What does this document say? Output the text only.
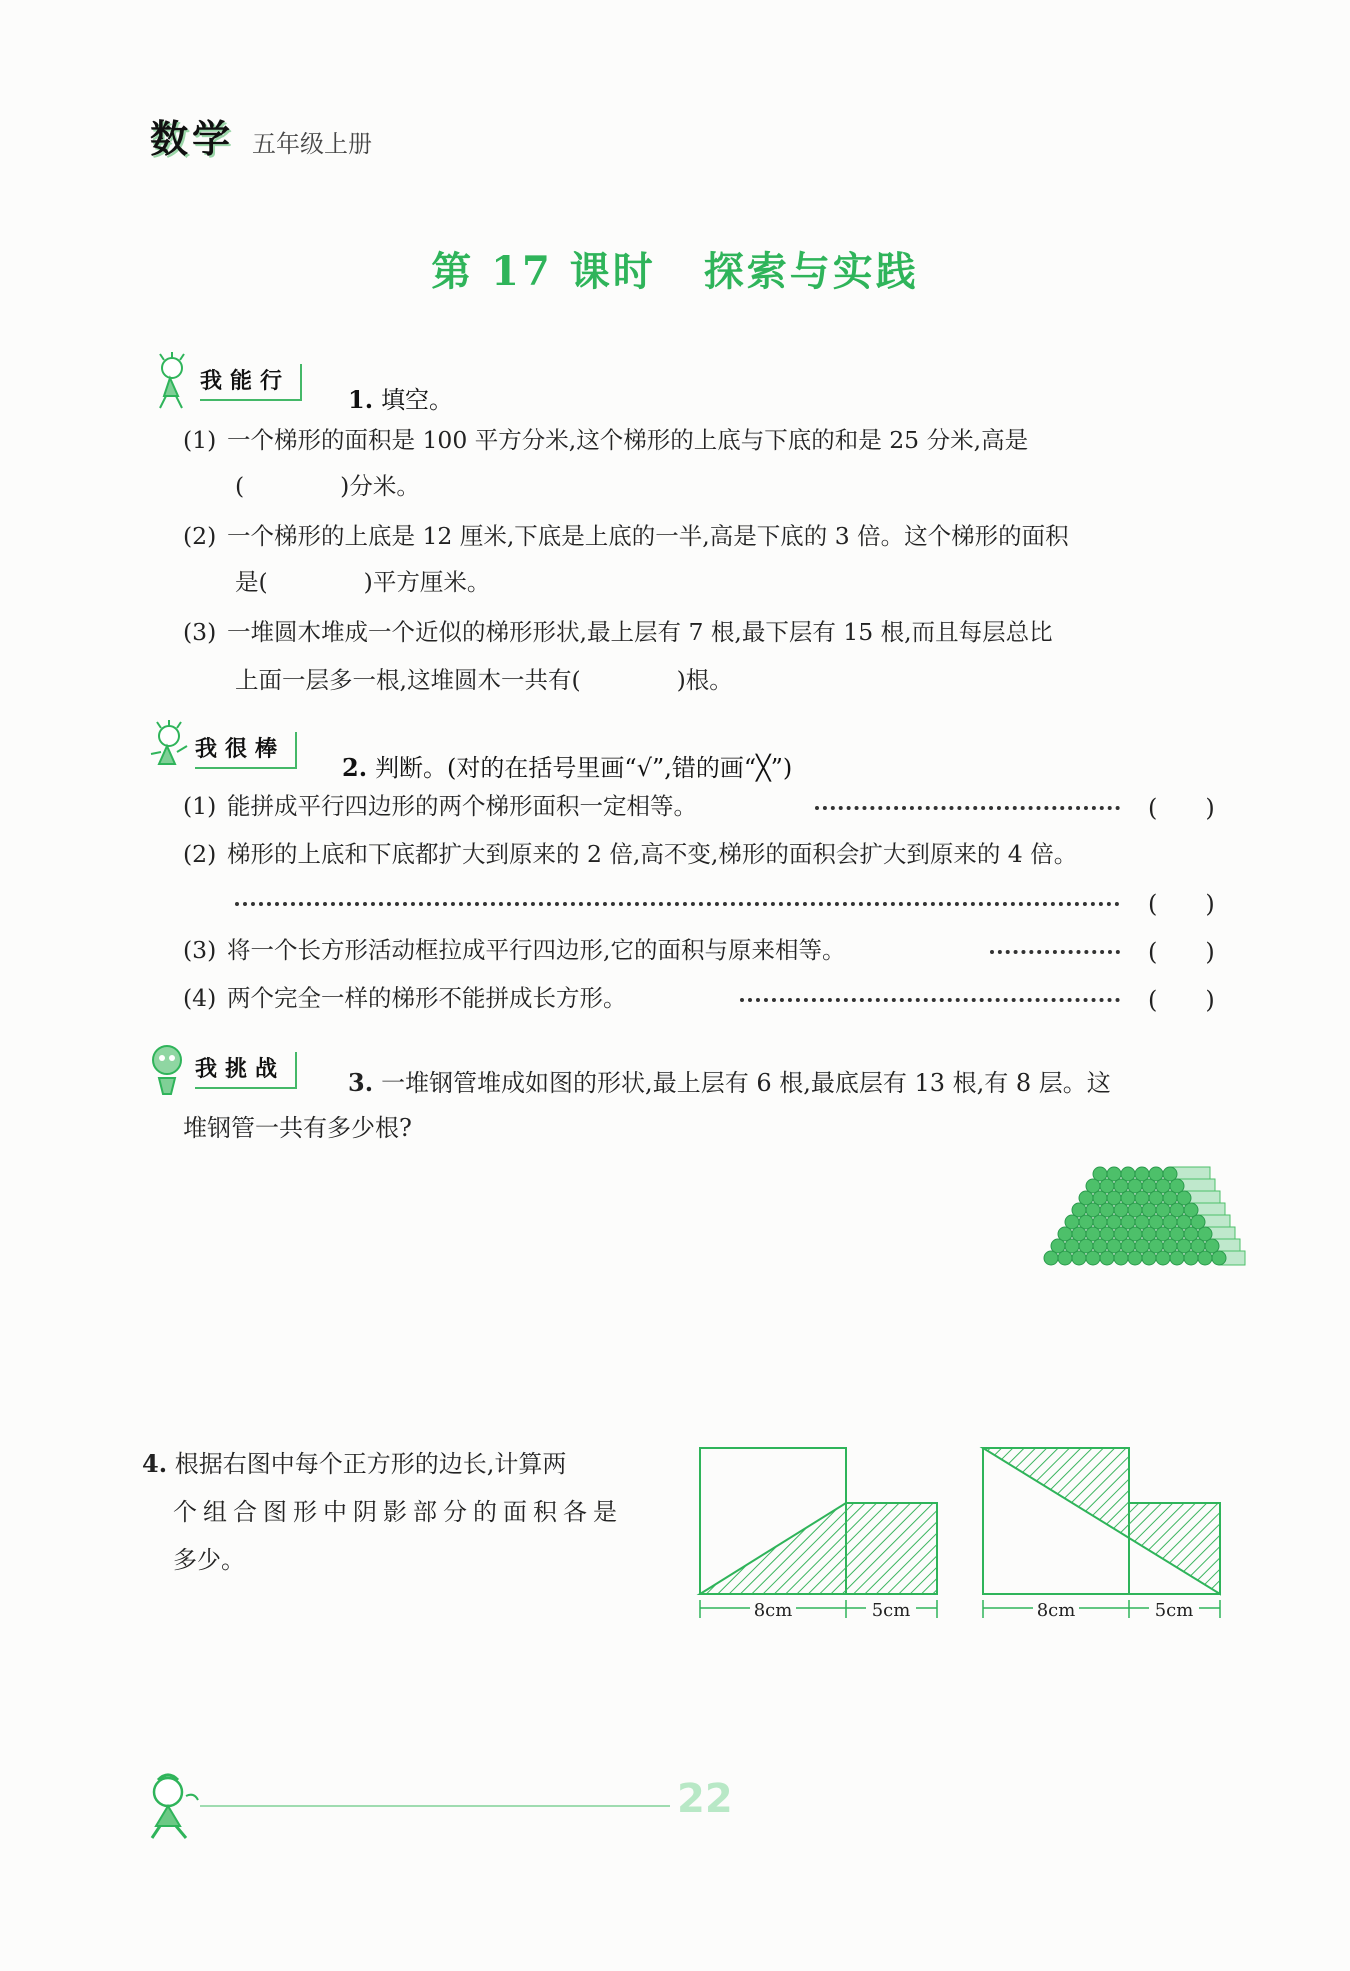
数学 五年级上册
第 17 课时 探索与实践
我能行
1. 填空。
(1) 一个梯形的面积是 100 平方分米,这个梯形的上底与下底的和是 25 分米,高是
(	)分米。
(2) 一个梯形的上底是 12 厘米,下底是上底的一半,高是下底的 3 倍。这个梯形的面积
是(	)平方厘米。
(3) 一堆圆木堆成一个近似的梯形形状,最上层有 7 根,最下层有 15 根,而且每层总比
上面一层多一根,这堆圆木一共有(	)根。
我很棒
2. 判断。(对的在括号里画“√”,错的画“╳”)
(1) 能拼成平行四边形的两个梯形面积一定相等。	( )
(2) 梯形的上底和下底都扩大到原来的 2 倍,高不变,梯形的面积会扩大到原来的 4 倍。
( )
(3) 将一个长方形活动框拉成平行四边形,它的面积与原来相等。	( )
(4) 两个完全一样的梯形不能拼成长方形。	( )
我挑战	3. 一堆钢管堆成如图的形状,最上层有 6 根,最底层有 13 根,有 8 层。这
堆钢管一共有多少根?
4. 根据右图中每个正方形的边长,计算两
个组合图形中阴影部分的面积各是
多少。
8cm	5cm	8cm	5cm
22
